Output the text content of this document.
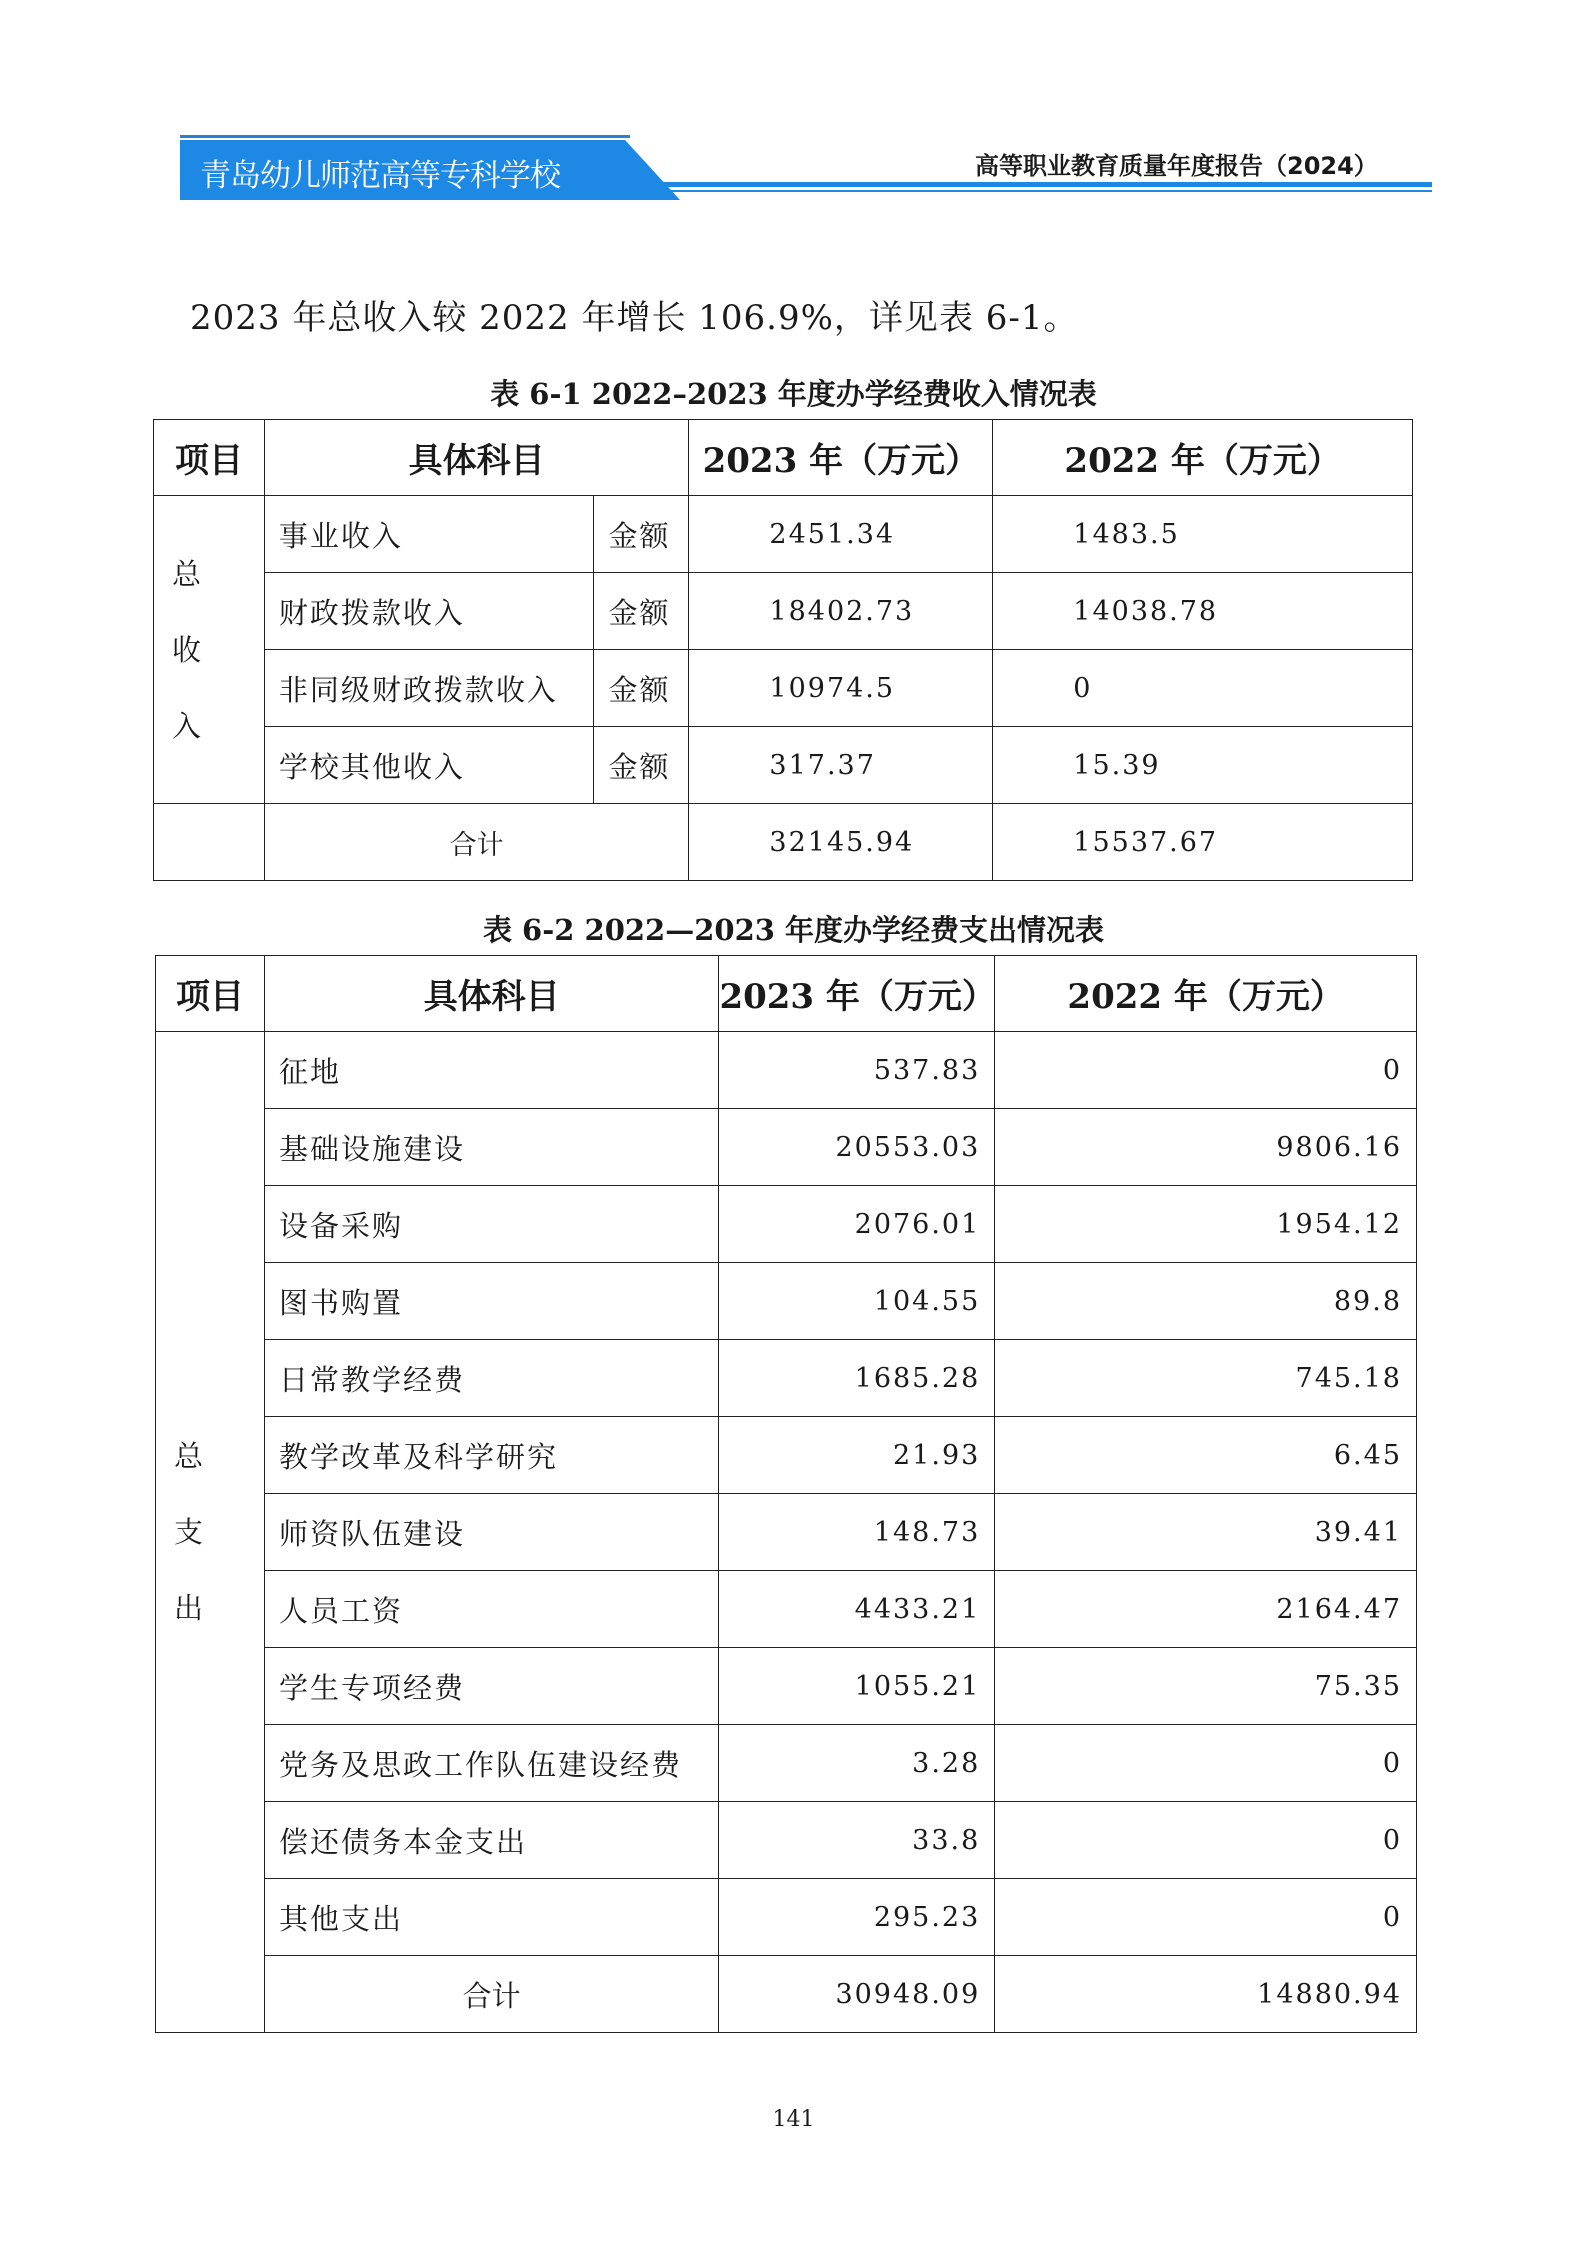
青岛幼儿师范高等专科学校	高等职业教育质量年度报告（2024）
2023 年总收入较 2022 年增长 106.9%，详见表 6-1。
表 6-1 2022–2023 年度办学经费收入情况表
项目	具体科目		2023 年（万元）	2022 年（万元）
总 收 入	事业收入	金额	2451.34	1483.5
	财政拨款收入	金额	18402.73	14038.78
	非同级财政拨款收入	金额	10974.5	0
	学校其他收入	金额	317.37	15.39
	合计		32145.94	15537.67
表 6-2 2022—2023 年度办学经费支出情况表
项目	具体科目	2023 年（万元）	2022 年（万元）
总 支 出	征地	537.83	0
	基础设施建设	20553.03	9806.16
	设备采购	2076.01	1954.12
	图书购置	104.55	89.8
	日常教学经费	1685.28	745.18
	教学改革及科学研究	21.93	6.45
	师资队伍建设	148.73	39.41
	人员工资	4433.21	2164.47
	学生专项经费	1055.21	75.35
	党务及思政工作队伍建设经费	3.28	0
	偿还债务本金支出	33.8	0
	其他支出	295.23	0
	合计	30948.09	14880.94
141
